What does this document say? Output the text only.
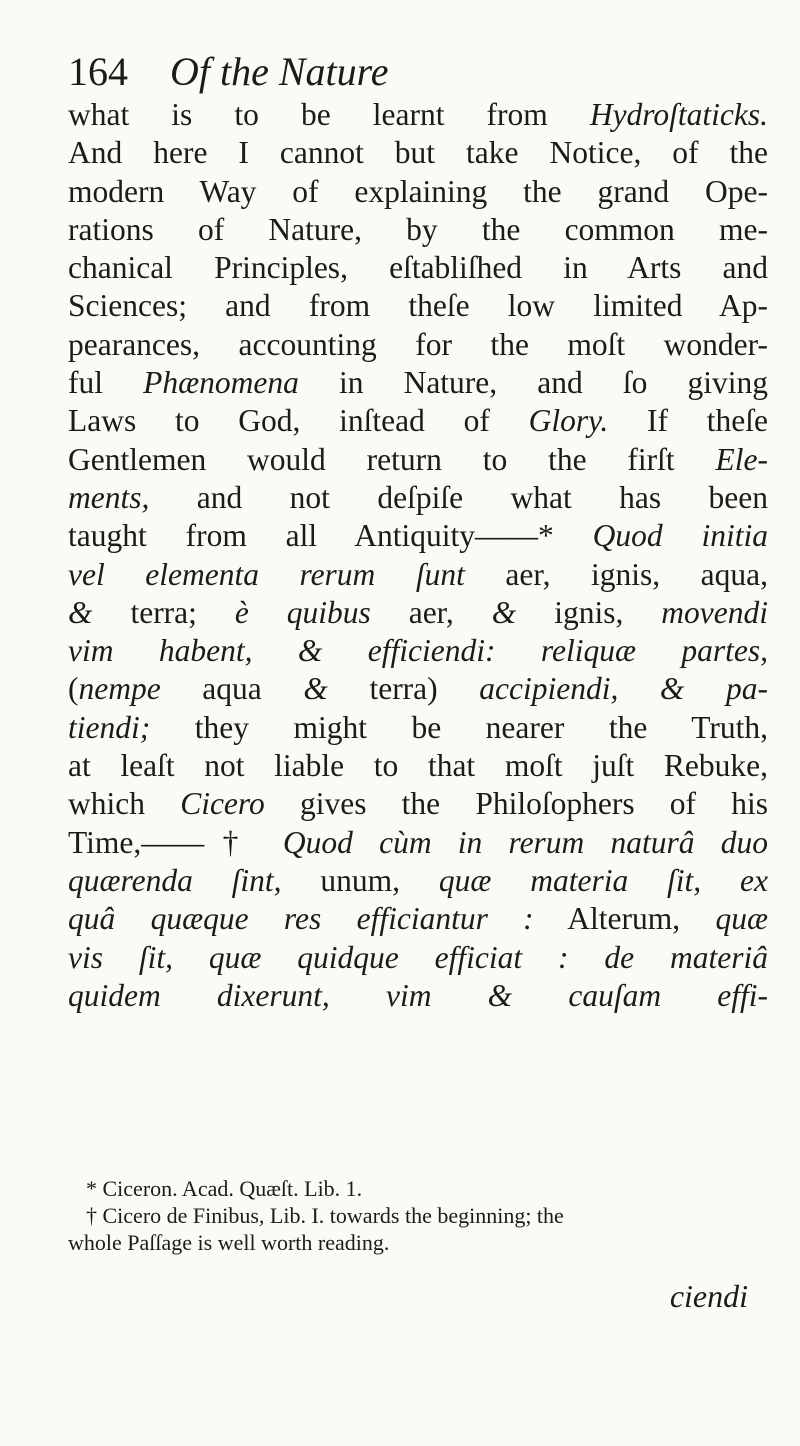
164 Of the Nature
what is to be learnt from Hydroſtaticks.
And here I cannot but take Notice, of the
modern Way of explaining the grand Ope-
rations of Nature, by the common me-
chanical Principles, eſtabliſhed in Arts and
Sciences; and from theſe low limited Ap-
pearances, accounting for the moſt wonder-
ful Phænomena in Nature, and ſo giving
Laws to God, inſtead of Glory. If theſe
Gentlemen would return to the firſt Ele-
ments, and not deſpiſe what has been
taught from all Antiquity——* Quod initia
vel elementa rerum ſunt aer, ignis, aqua,
& terra; è quibus aer, & ignis, movendi
vim habent, & efficiendi: reliquæ partes,
(nempe aqua & terra) accipiendi, & pa-
tiendi; they might be nearer the Truth,
at leaſt not liable to that moſt juſt Rebuke,
which Cicero gives the Philoſophers of his
Time,——† Quod cùm in rerum naturâ duo
quærenda ſint, unum, quæ materia ſit, ex
quâ quæque res efficiantur : Alterum, quæ
vis ſit, quæ quidque efficiat : de materiâ
quidem dixerunt, vim & cauſam effi-
* Ciceron. Acad. Quæſt. Lib. 1.
† Cicero de Finibus, Lib. I. towards the beginning; the
whole Paſſage is well worth reading.
ciendi
